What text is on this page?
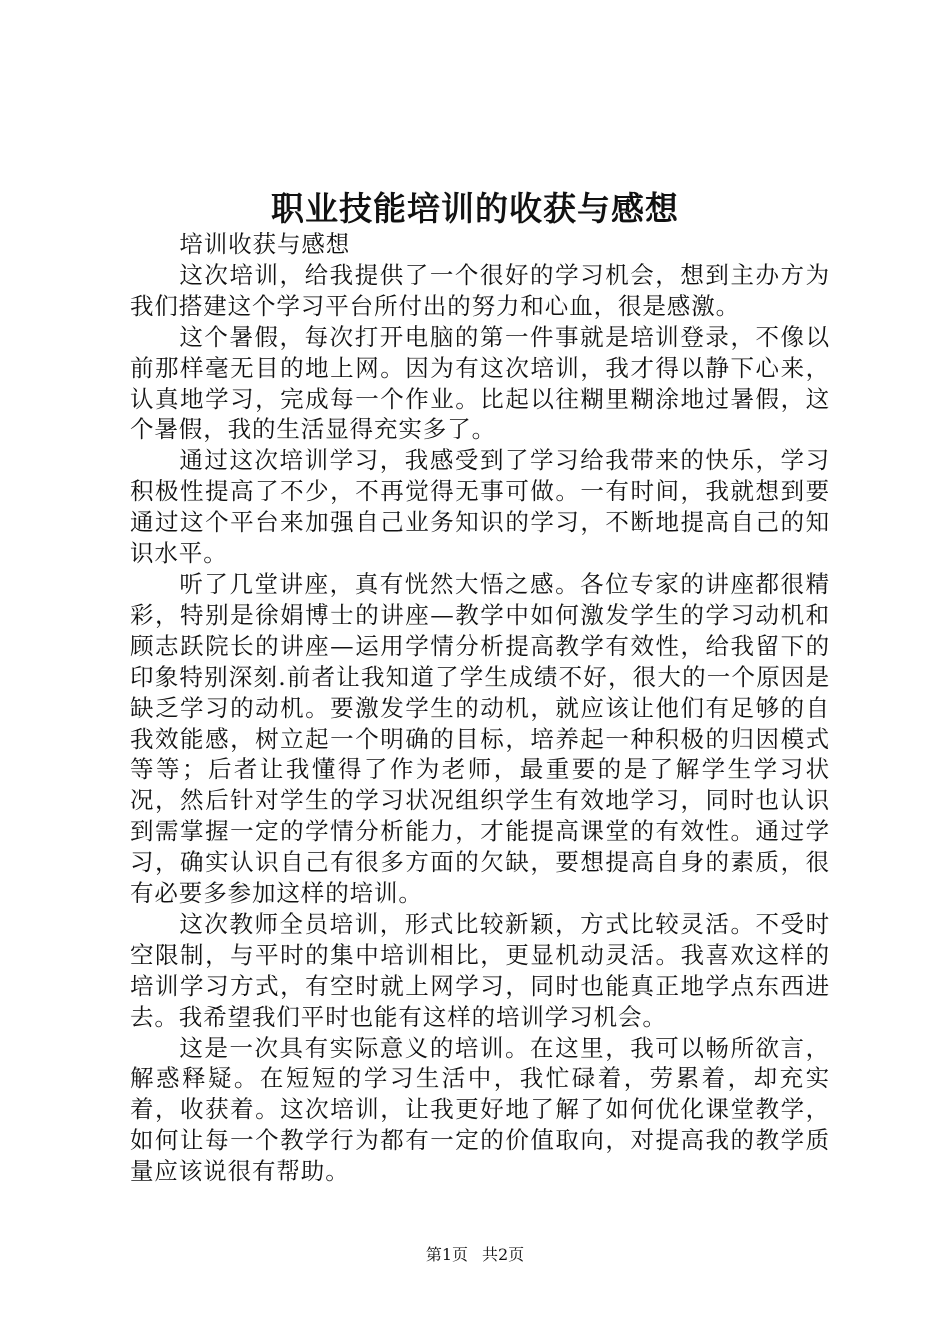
职业技能培训的收获与感想

培训收获与感想

这次培训，给我提供了一个很好的学习机会，想到主办方为我们搭建这个学习平台所付出的努力和心血，很是感激。

这个暑假，每次打开电脑的第一件事就是培训登录，不像以前那样毫无目的地上网。因为有这次培训，我才得以静下心来，认真地学习，完成每一个作业。比起以往糊里糊涂地过暑假，这个暑假，我的生活显得充实多了。

通过这次培训学习，我感受到了学习给我带来的快乐，学习积极性提高了不少，不再觉得无事可做。一有时间，我就想到要通过这个平台来加强自己业务知识的学习，不断地提高自己的知识水平。

听了几堂讲座，真有恍然大悟之感。各位专家的讲座都很精彩，特别是徐娟博士的讲座—教学中如何激发学生的学习动机和顾志跃院长的讲座—运用学情分析提高教学有效性，给我留下的印象特别深刻.前者让我知道了学生成绩不好，很大的一个原因是缺乏学习的动机。要激发学生的动机，就应该让他们有足够的自我效能感，树立起一个明确的目标，培养起一种积极的归因模式等等；后者让我懂得了作为老师，最重要的是了解学生学习状况，然后针对学生的学习状况组织学生有效地学习，同时也认识到需掌握一定的学情分析能力，才能提高课堂的有效性。通过学习，确实认识自己有很多方面的欠缺，要想提高自身的素质，很有必要多参加这样的培训。

这次教师全员培训，形式比较新颖，方式比较灵活。不受时空限制，与平时的集中培训相比，更显机动灵活。我喜欢这样的培训学习方式，有空时就上网学习，同时也能真正地学点东西进去。我希望我们平时也能有这样的培训学习机会。

这是一次具有实际意义的培训。在这里，我可以畅所欲言，解惑释疑。在短短的学习生活中，我忙碌着，劳累着，却充实着，收获着。这次培训，让我更好地了解了如何优化课堂教学，如何让每一个教学行为都有一定的价值取向，对提高我的教学质量应该说很有帮助。

第1页 共2页
